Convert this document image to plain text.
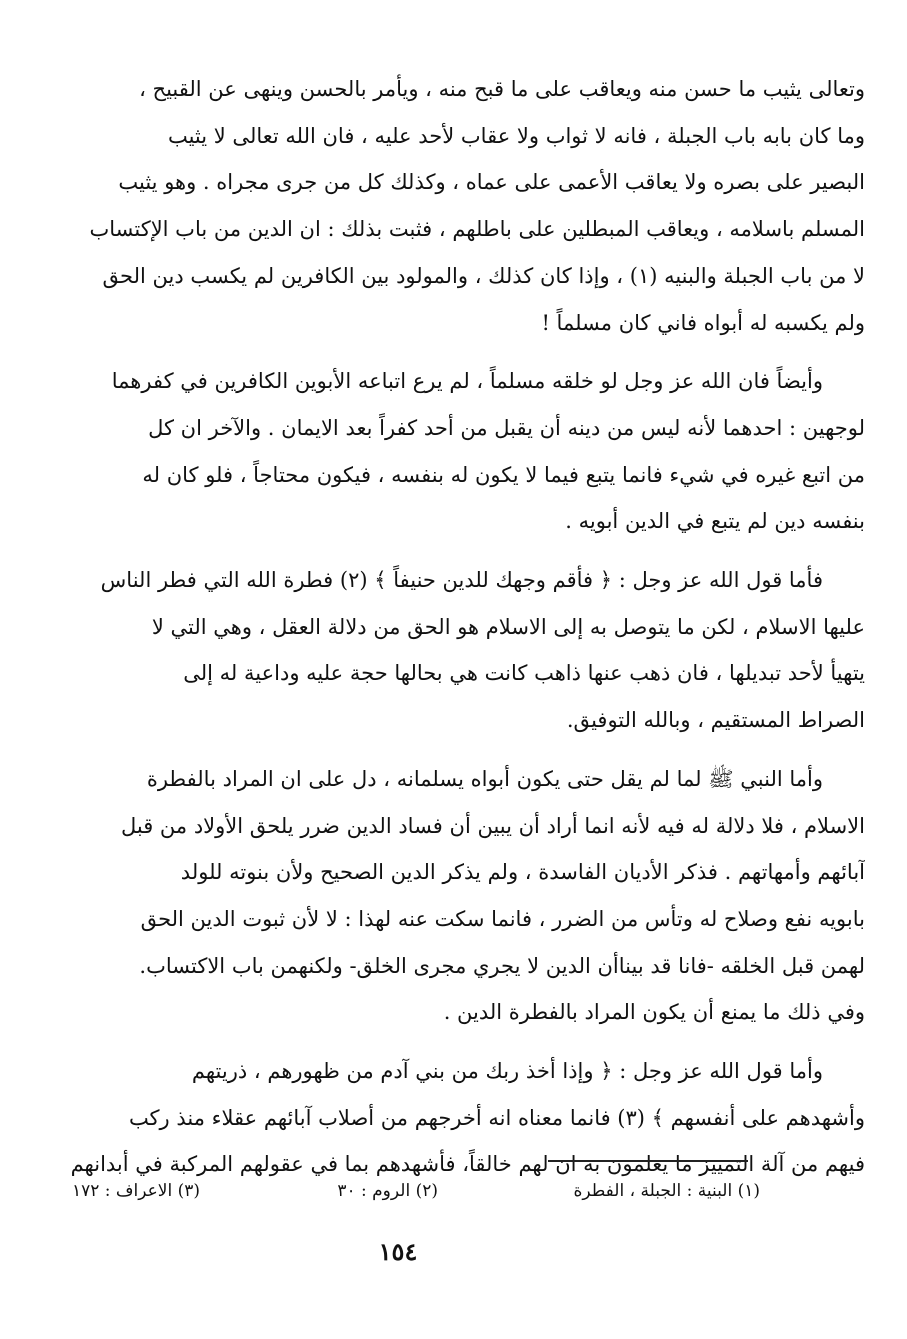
وتعالى يثيب ما حسن منه ويعاقب على ما قبح منه ، ويأمر بالحسن وينهى عن القبيح ،
وما كان بابه باب الجبلة ، فانه لا ثواب ولا عقاب لأحد عليه ، فان الله تعالى لا يثيب
البصير على بصره ولا يعاقب الأعمى على عماه ، وكذلك كل من جرى مجراه . وهو يثيب
المسلم باسلامه ، ويعاقب المبطلين على باطلهم ، فثبت بذلك : ان الدين من باب الإكتساب
لا من باب الجبلة والبنيه (١) ، وإذا كان كذلك ، والمولود بين الكافرين لم يكسب دين الحق
ولم يكسبه له أبواه فاني كان مسلماً !

وأيضاً فان الله عز وجل لو خلقه مسلماً ، لم يرع اتباعه الأبوين الكافرين في كفرهما
لوجهين : احدهما لأنه ليس من دينه أن يقبل من أحد كفراً بعد الايمان . والآخر ان كل
من اتبع غيره في شيء فانما يتبع فيما لا يكون له بنفسه ، فيكون محتاجاً ، فلو كان له
بنفسه دين لم يتبع في الدين أبويه .

فأما قول الله عز وجل : ﴿ فأقم وجهك للدين حنيفاً ﴾ (٢) فطرة الله التي فطر الناس
عليها الاسلام ، لكن ما يتوصل به إلى الاسلام هو الحق من دلالة العقل ، وهي التي لا
يتهيأ لأحد تبديلها ، فان ذهب عنها ذاهب كانت هي بحالها حجة عليه وداعية له إلى
الصراط المستقيم ، وبالله التوفيق.

وأما النبي ﷺ لما لم يقل حتى يكون أبواه يسلمانه ، دل على ان المراد بالفطرة
الاسلام ، فلا دلالة له فيه لأنه انما أراد أن يبين أن فساد الدين ضرر يلحق الأولاد من قبل
آبائهم وأمهاتهم . فذكر الأديان الفاسدة ، ولم يذكر الدين الصحيح ولأن بنوته للولد
بابويه نفع وصلاح له وتأس من الضرر ، فانما سكت عنه لهذا : لا لأن ثبوت الدين الحق
لهمن قبل الخلقه -فانا قد بيناأن الدين لا يجري مجرى الخلق- ولكنهمن باب الاكتساب.
وفي ذلك ما يمنع أن يكون المراد بالفطرة الدين .

وأما قول الله عز وجل : ﴿ وإذا أخذ ربك من بني آدم من ظهورهم ، ذريتهم
وأشهدهم على أنفسهم ﴾ (٣) فانما معناه انه أخرجهم من أصلاب آبائهم عقلاء منذ ركب
فيهم من آلة التمييز ما يعلمون به ان لهم خالقاً، فأشهدهم بما في عقولهم المركبة في أبدانهم

(١) البنية : الجبلة ، الفطرة
(٢) الروم : ٣٠
(٣) الاعراف : ١٧٢
١٥٤
